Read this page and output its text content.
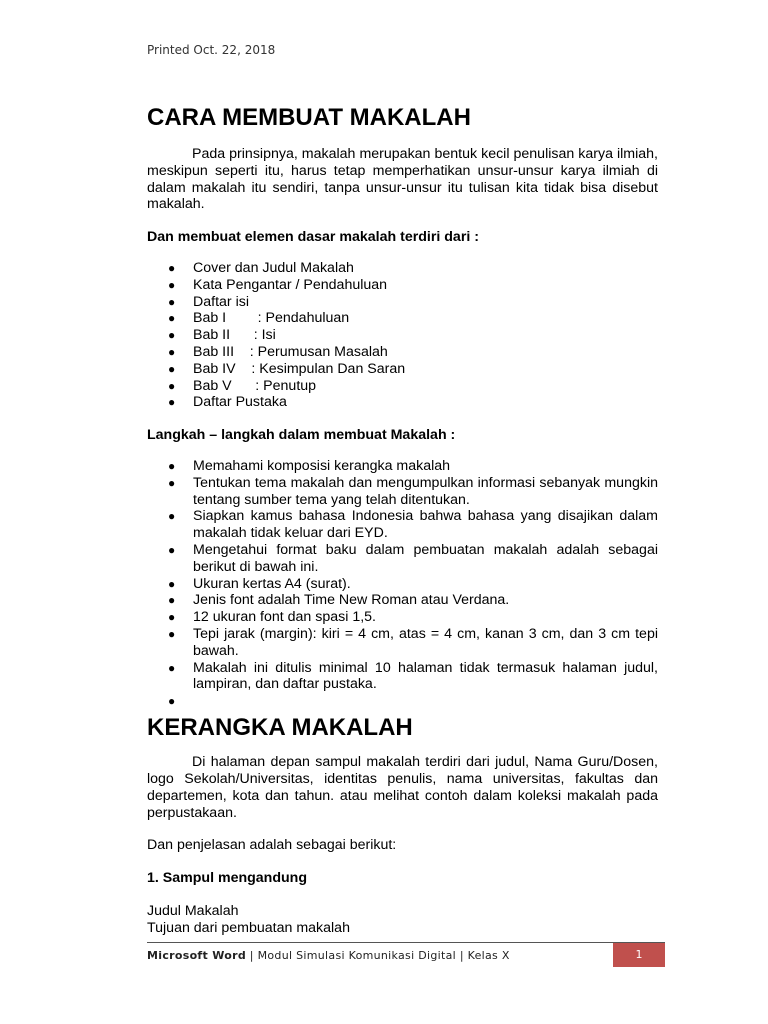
Printed Oct. 22, 2018
CARA MEMBUAT MAKALAH

Pada prinsipnya, makalah merupakan bentuk kecil penulisan karya ilmiah, meskipun seperti itu, harus tetap memperhatikan unsur-unsur karya ilmiah di dalam makalah itu sendiri, tanpa unsur-unsur itu tulisan kita tidak bisa disebut makalah.

Dan membuat elemen dasar makalah terdiri dari :

● Cover dan Judul Makalah
● Kata Pengantar / Pendahuluan
● Daftar isi
● Bab I        : Pendahuluan
● Bab II      : Isi
● Bab III    : Perumusan Masalah
● Bab IV    : Kesimpulan Dan Saran
● Bab V      : Penutup
● Daftar Pustaka

Langkah – langkah dalam membuat Makalah :

● Memahami komposisi kerangka makalah
● Tentukan tema makalah dan mengumpulkan informasi sebanyak mungkin tentang sumber tema yang telah ditentukan.
● Siapkan kamus bahasa Indonesia bahwa bahasa yang disajikan dalam makalah tidak keluar dari EYD.
● Mengetahui format baku dalam pembuatan makalah adalah sebagai berikut di bawah ini.
● Ukuran kertas A4 (surat).
● Jenis font adalah Time New Roman atau Verdana.
● 12 ukuran font dan spasi 1,5.
● Tepi jarak (margin): kiri = 4 cm, atas = 4 cm, kanan 3 cm, dan 3 cm tepi bawah.
● Makalah ini ditulis minimal 10 halaman tidak termasuk halaman judul, lampiran, dan daftar pustaka.
●
KERANGKA MAKALAH

Di halaman depan sampul makalah terdiri dari judul, Nama Guru/Dosen, logo Sekolah/Universitas, identitas penulis, nama universitas, fakultas dan departemen, kota dan tahun. atau melihat contoh dalam koleksi makalah pada perpustakaan.

Dan penjelasan adalah sebagai berikut:

1. Sampul mengandung

Judul Makalah
Tujuan dari pembuatan makalah
Microsoft Word | Modul Simulasi Komunikasi Digital | Kelas X	1
